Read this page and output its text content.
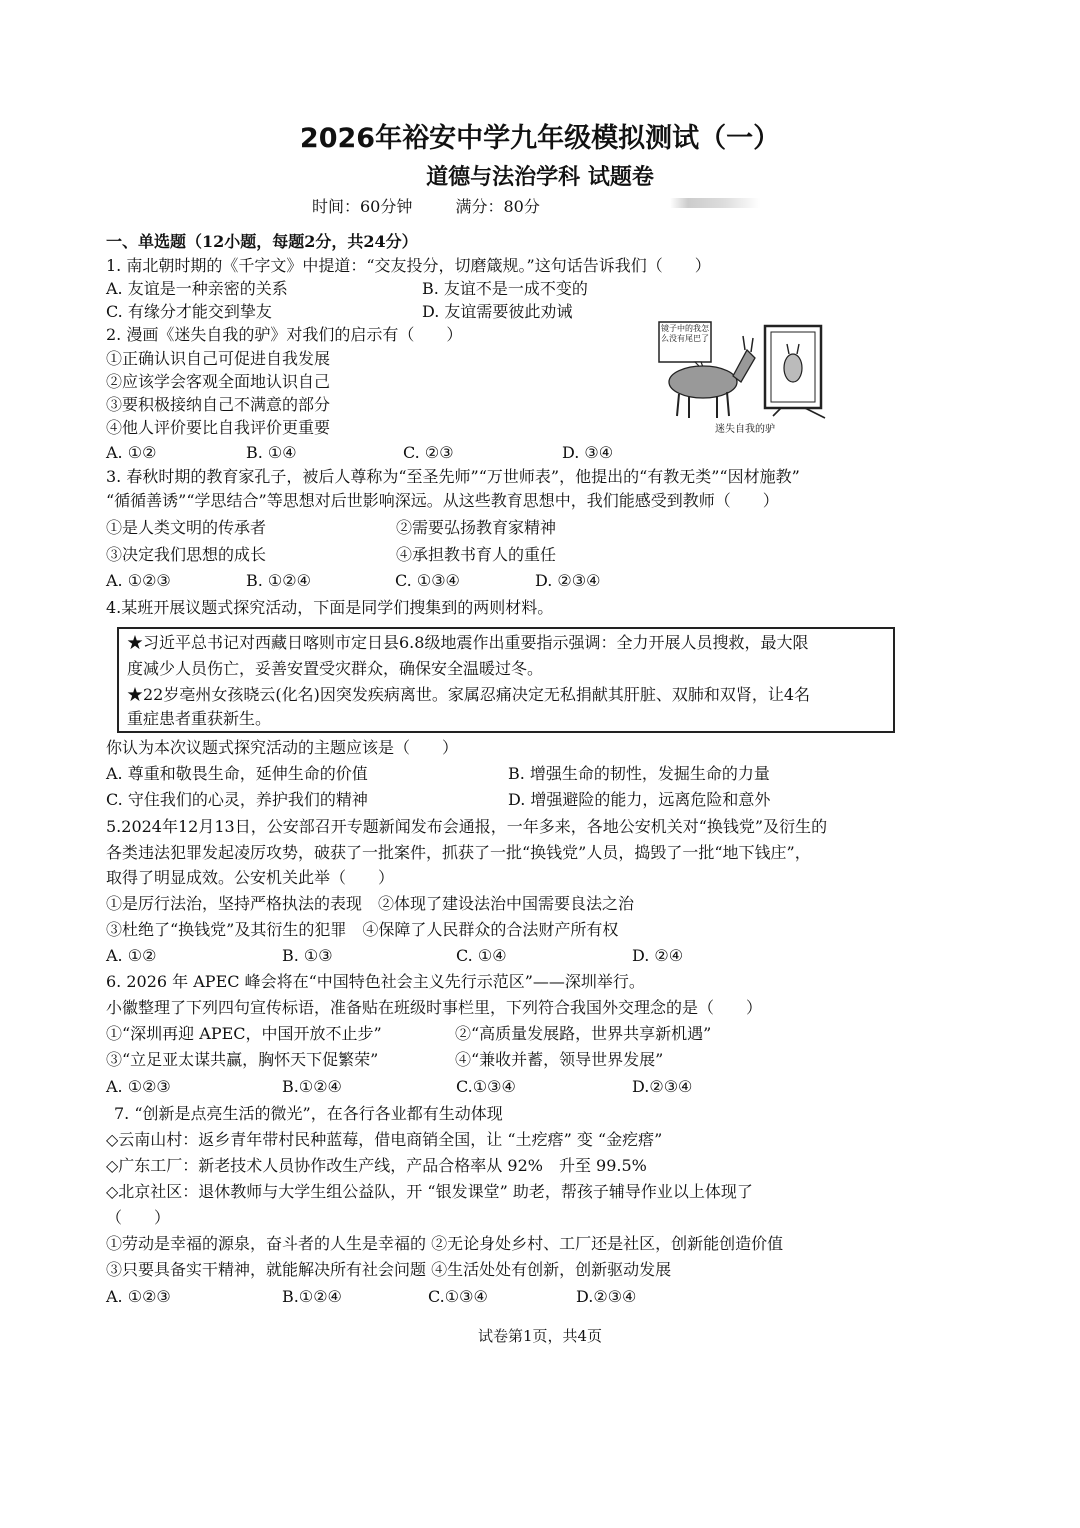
2026年裕安中学九年级模拟测试（一）
道德与法治学科 试题卷
时间：60分钟	满分：80分
一、单选题（12小题，每题2分，共24分）
1. 南北朝时期的《千字文》中提道：“交友投分，切磨箴规。”这句话告诉我们（　　）
A. 友谊是一种亲密的关系	B. 友谊不是一成不变的
C. 有缘分才能交到挚友	D. 友谊需要彼此劝诫
2. 漫画《迷失自我的驴》对我们的启示有（　　）
①正确认识自己可促进自我发展
②应该学会客观全面地认识自己
③要积极接纳自己不满意的部分
④他人评价要比自我评价更重要
A. ①②	B. ①④	C. ②③	D. ③④
镜子中的我怎么没有尾巴了
迷失自我的驴
3. 春秋时期的教育家孔子，被后人尊称为“至圣先师”“万世师表”，他提出的“有教无类”“因材施教”
“循循善诱”“学思结合”等思想对后世影响深远。从这些教育思想中，我们能感受到教师（　　）
①是人类文明的传承者	②需要弘扬教育家精神
③决定我们思想的成长	④承担教书育人的重任
A. ①②③	B. ①②④	C. ①③④	D. ②③④
4.某班开展议题式探究活动，下面是同学们搜集到的两则材料。
★习近平总书记对西藏日喀则市定日县6.8级地震作出重要指示强调：全力开展人员搜救，最大限
度减少人员伤亡，妥善安置受灾群众，确保安全温暖过冬。
★22岁亳州女孩晓云(化名)因突发疾病离世。家属忍痛决定无私捐献其肝脏、双肺和双肾，让4名
重症患者重获新生。
你认为本次议题式探究活动的主题应该是（　　）
A. 尊重和敬畏生命，延伸生命的价值	B. 增强生命的韧性，发掘生命的力量
C. 守住我们的心灵，养护我们的精神	D. 增强避险的能力，远离危险和意外
5.2024年12月13日，公安部召开专题新闻发布会通报，一年多来，各地公安机关对“换钱党”及衍生的
各类违法犯罪发起凌厉攻势，破获了一批案件，抓获了一批“换钱党”人员，捣毁了一批“地下钱庄”，
取得了明显成效。公安机关此举（　　）
①是厉行法治，坚持严格执法的表现　②体现了建设法治中国需要良法之治
③杜绝了“换钱党”及其衍生的犯罪　④保障了人民群众的合法财产所有权
A. ①②	B. ①③	C. ①④	D. ②④
6. 2026 年 APEC 峰会将在“中国特色社会主义先行示范区”——深圳举行。
小徽整理了下列四句宣传标语，准备贴在班级时事栏里，下列符合我国外交理念的是（　　）
①“深圳再迎 APEC，中国开放不止步”	②“高质量发展路，世界共享新机遇”
③“立足亚太谋共赢，胸怀天下促繁荣”	④“兼收并蓄，领导世界发展”
A. ①②③	B.①②④	C.①③④	D.②③④
7. “创新是点亮生活的微光”，在各行各业都有生动体现
◇云南山村：返乡青年带村民种蓝莓，借电商销全国，让 “土疙瘩” 变 “金疙瘩”
◇广东工厂：新老技术人员协作改生产线，产品合格率从 92%　升至 99.5%
◇北京社区：退休教师与大学生组公益队，开 “银发课堂” 助老，帮孩子辅导作业以上体现了
（　　）
①劳动是幸福的源泉，奋斗者的人生是幸福的 ②无论身处乡村、工厂还是社区，创新能创造价值
③只要具备实干精神，就能解决所有社会问题 ④生活处处有创新，创新驱动发展
A. ①②③	B.①②④	C.①③④	D.②③④
试卷第1页，共4页
